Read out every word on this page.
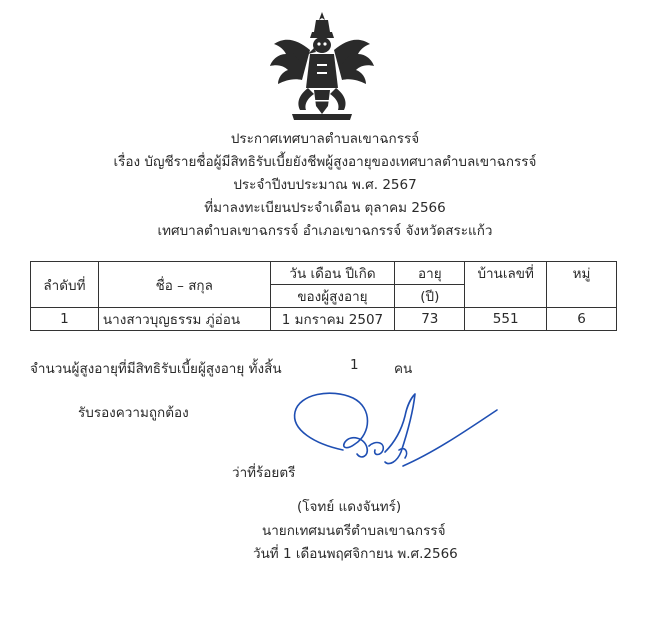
ประกาศเทศบาลตำบลเขาฉกรรจ์
เรื่อง บัญชีรายชื่อผู้มีสิทธิรับเบี้ยยังชีพผู้สูงอายุของเทศบาลตำบลเขาฉกรรจ์
ประจำปีงบประมาณ พ.ศ. 2567
ที่มาลงทะเบียนประจำเดือน ตุลาคม 2566
เทศบาลตำบลเขาฉกรรจ์ อำเภอเขาฉกรรจ์ จังหวัดสระแก้ว
ลำดับที่	ชื่อ – สกุล	วัน เดือน ปีเกิด	อายุ	บ้านเลขที่	หมู่
		ของผู้สูงอายุ	(ปี)		
1	นางสาวบุญธรรม ภู่อ่อน	1 มกราคม 2507	73	551	6
จำนวนผู้สูงอายุที่มีสิทธิรับเบี้ยผู้สูงอายุ ทั้งสิ้น	1	คน
รับรองความถูกต้อง
ว่าที่ร้อยตรี
(โจทย์ แดงจันทร์)
นายกเทศมนตรีตำบลเขาฉกรรจ์
วันที่ 1 เดือนพฤศจิกายน พ.ศ.2566
